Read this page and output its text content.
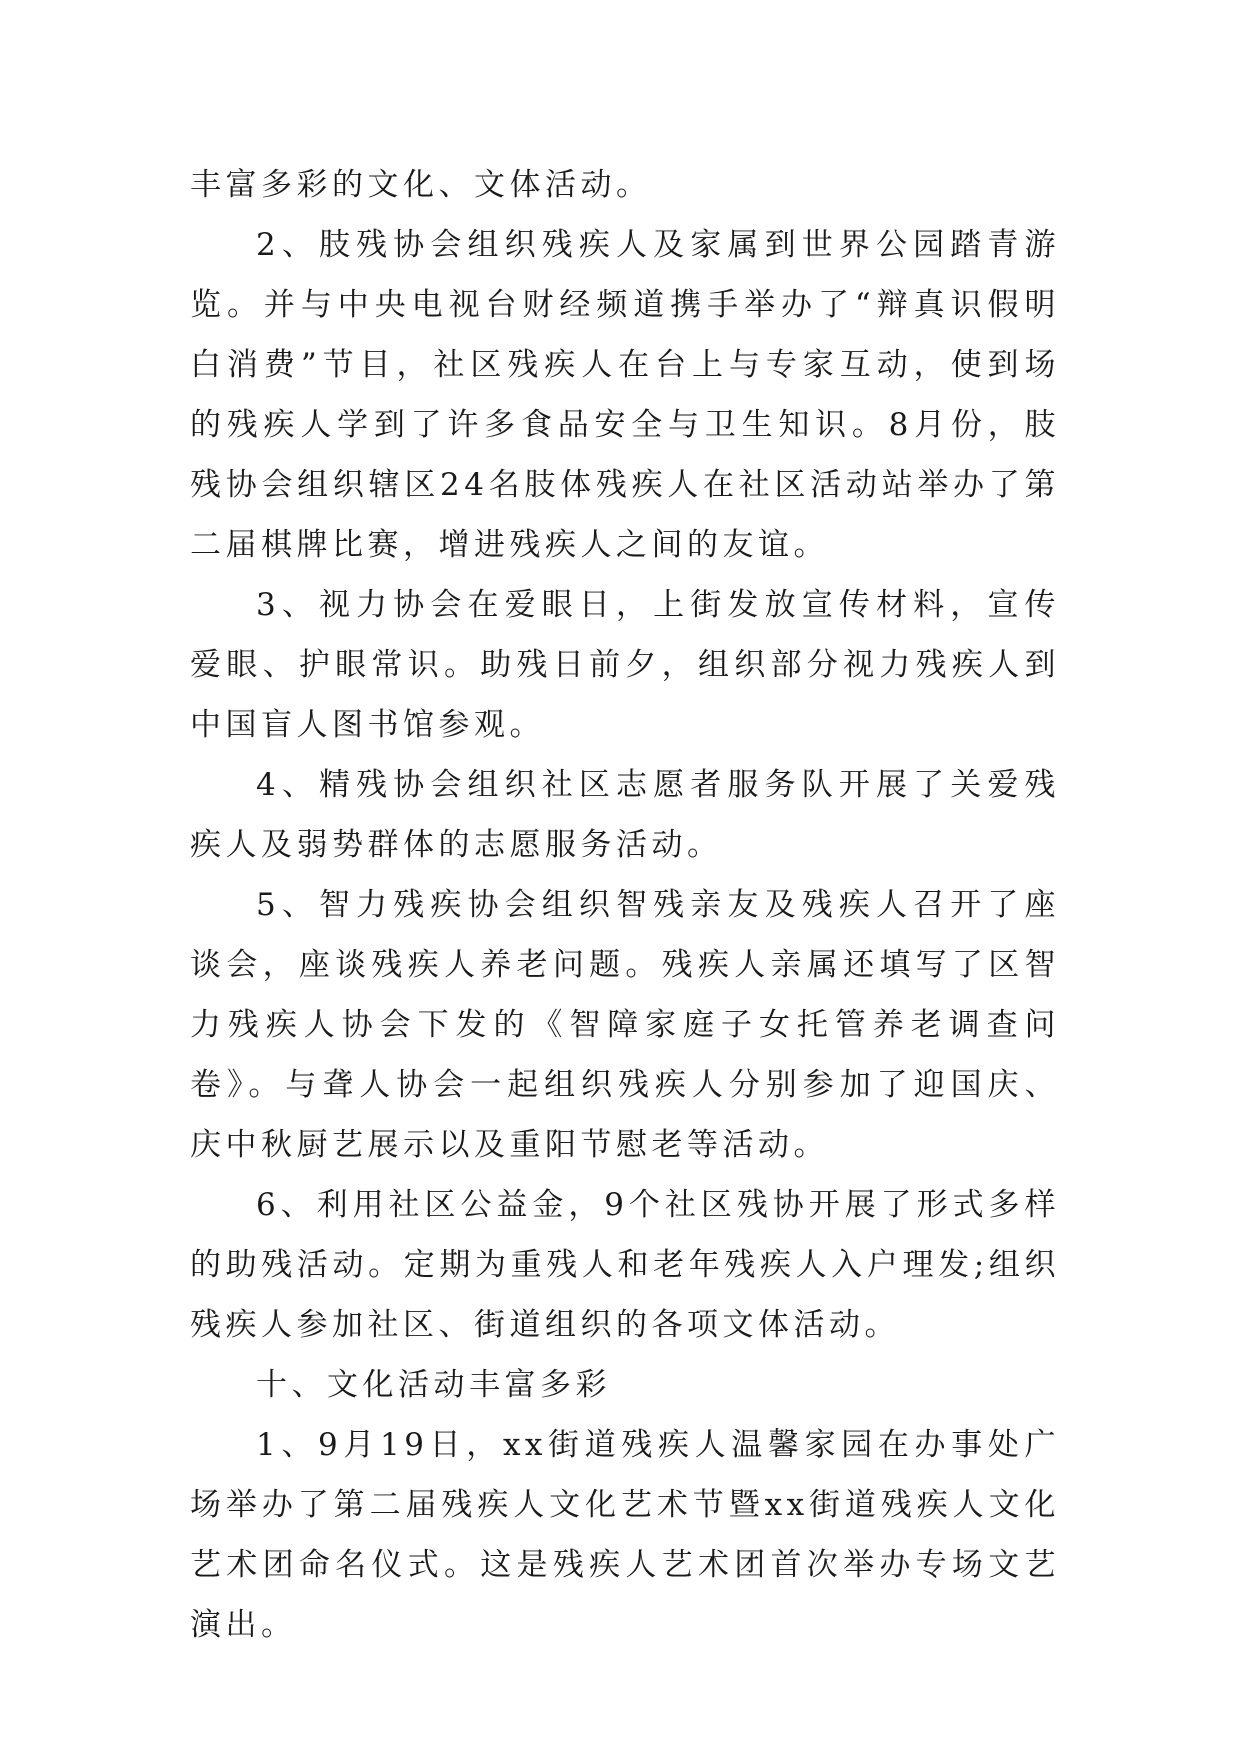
丰富多彩的文化、文体活动。

2、肢残协会组织残疾人及家属到世界公园踏青游览。并与中央电视台财经频道携手举办了“辩真识假明白消费”节目，社区残疾人在台上与专家互动，使到场的残疾人学到了许多食品安全与卫生知识。8月份，肢残协会组织辖区24名肢体残疾人在社区活动站举办了第二届棋牌比赛，增进残疾人之间的友谊。

3、视力协会在爱眼日，上街发放宣传材料，宣传爱眼、护眼常识。助残日前夕，组织部分视力残疾人到中国盲人图书馆参观。

4、精残协会组织社区志愿者服务队开展了关爱残疾人及弱势群体的志愿服务活动。

5、智力残疾协会组织智残亲友及残疾人召开了座谈会，座谈残疾人养老问题。残疾人亲属还填写了区智力残疾人协会下发的《智障家庭子女托管养老调查问卷》。与聋人协会一起组织残疾人分别参加了迎国庆、庆中秋厨艺展示以及重阳节慰老等活动。

6、利用社区公益金，9个社区残协开展了形式多样的助残活动。定期为重残人和老年残疾人入户理发;组织残疾人参加社区、街道组织的各项文体活动。

十、文化活动丰富多彩

1、9月19日，xx街道残疾人温馨家园在办事处广场举办了第二届残疾人文化艺术节暨xx街道残疾人文化艺术团命名仪式。这是残疾人艺术团首次举办专场文艺演出。
